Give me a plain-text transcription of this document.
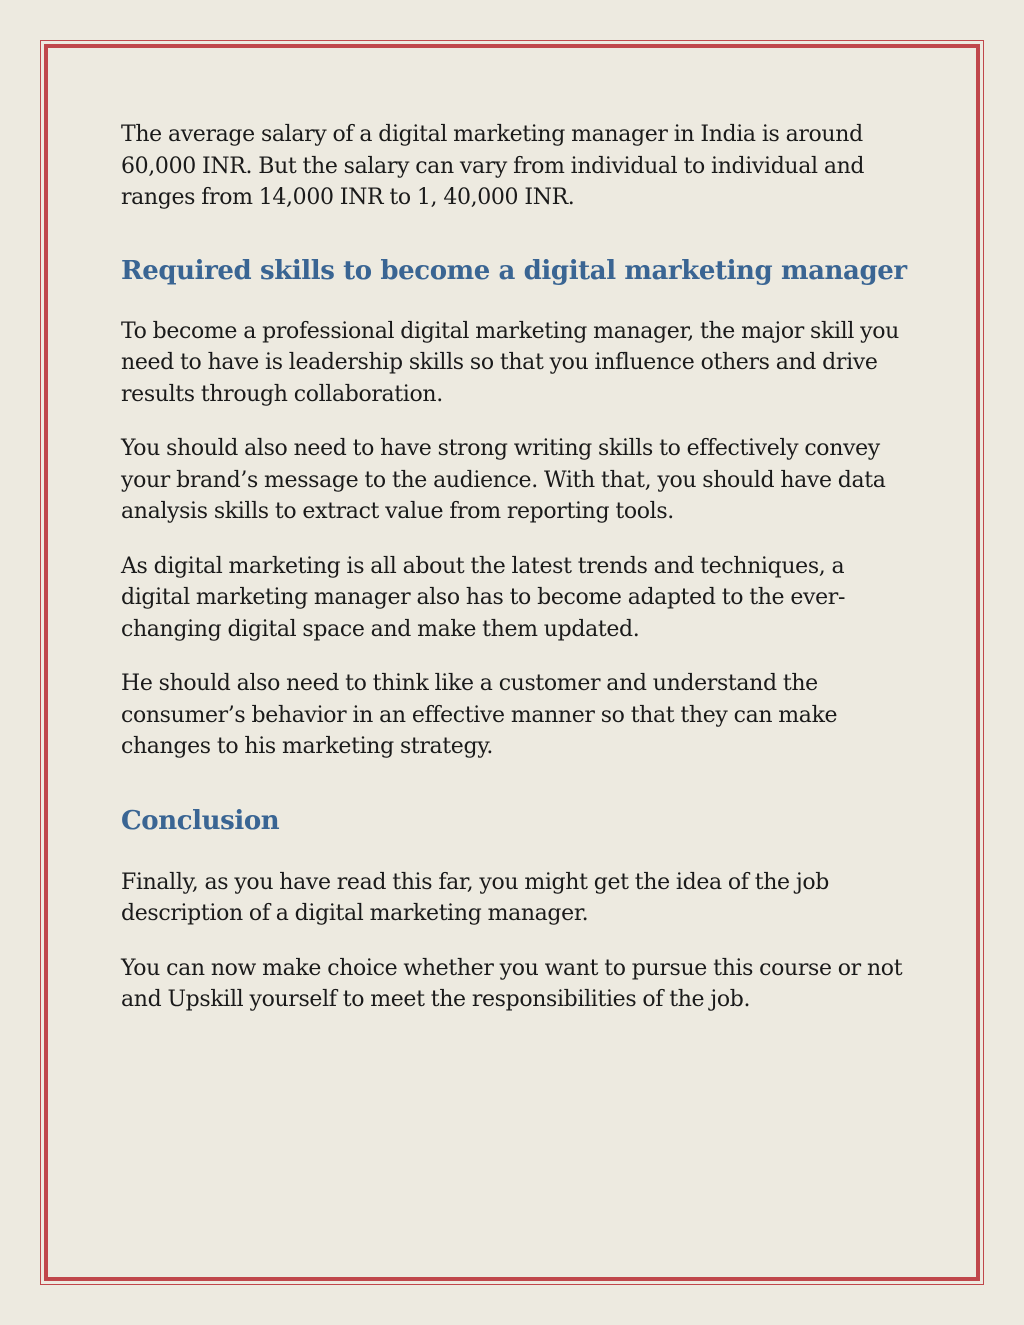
The average salary of a digital marketing manager in India is around 60,000 INR. But the salary can vary from individual to individual and ranges from 14,000 INR to 1, 40,000 INR.

Required skills to become a digital marketing manager

To become a professional digital marketing manager, the major skill you need to have is leadership skills so that you influence others and drive results through collaboration.

You should also need to have strong writing skills to effectively convey your brand’s message to the audience. With that, you should have data analysis skills to extract value from reporting tools.

As digital marketing is all about the latest trends and techniques, a digital marketing manager also has to become adapted to the ever-changing digital space and make them updated.

He should also need to think like a customer and understand the consumer’s behavior in an effective manner so that they can make changes to his marketing strategy.

Conclusion

Finally, as you have read this far, you might get the idea of the job description of a digital marketing manager.

You can now make choice whether you want to pursue this course or not and Upskill yourself to meet the responsibilities of the job.
